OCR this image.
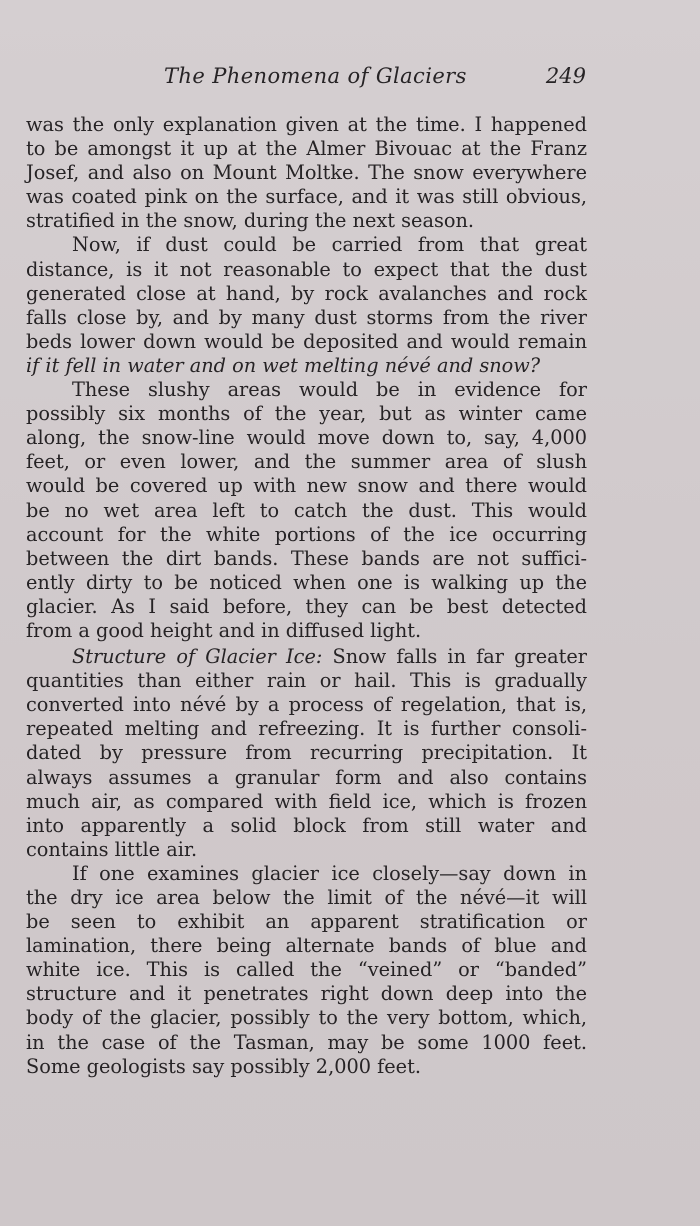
The Phenomena of Glaciers	249
was the only explanation given at the time. I happened
to be amongst it up at the Almer Bivouac at the Franz
Josef, and also on Mount Moltke. The snow everywhere
was coated pink on the surface, and it was still obvious,
stratified in the snow, during the next season.
Now, if dust could be carried from that great
distance, is it not reasonable to expect that the dust
generated close at hand, by rock avalanches and rock
falls close by, and by many dust storms from the river
beds lower down would be deposited and would remain
if it fell in water and on wet melting névé and snow?
These slushy areas would be in evidence for
possibly six months of the year, but as winter came
along, the snow-line would move down to, say, 4,000
feet, or even lower, and the summer area of slush
would be covered up with new snow and there would
be no wet area left to catch the dust. This would
account for the white portions of the ice occurring
between the dirt bands. These bands are not suffici-
ently dirty to be noticed when one is walking up the
glacier. As I said before, they can be best detected
from a good height and in diffused light.
Structure of Glacier Ice: Snow falls in far greater
quantities than either rain or hail. This is gradually
converted into névé by a process of regelation, that is,
repeated melting and refreezing. It is further consoli-
dated by pressure from recurring precipitation. It
always assumes a granular form and also contains
much air, as compared with field ice, which is frozen
into apparently a solid block from still water and
contains little air.
If one examines glacier ice closely—say down in
the dry ice area below the limit of the névé—it will
be seen to exhibit an apparent stratification or
lamination, there being alternate bands of blue and
white ice. This is called the “veined” or “banded”
structure and it penetrates right down deep into the
body of the glacier, possibly to the very bottom, which,
in the case of the Tasman, may be some 1000 feet.
Some geologists say possibly 2,000 feet.
